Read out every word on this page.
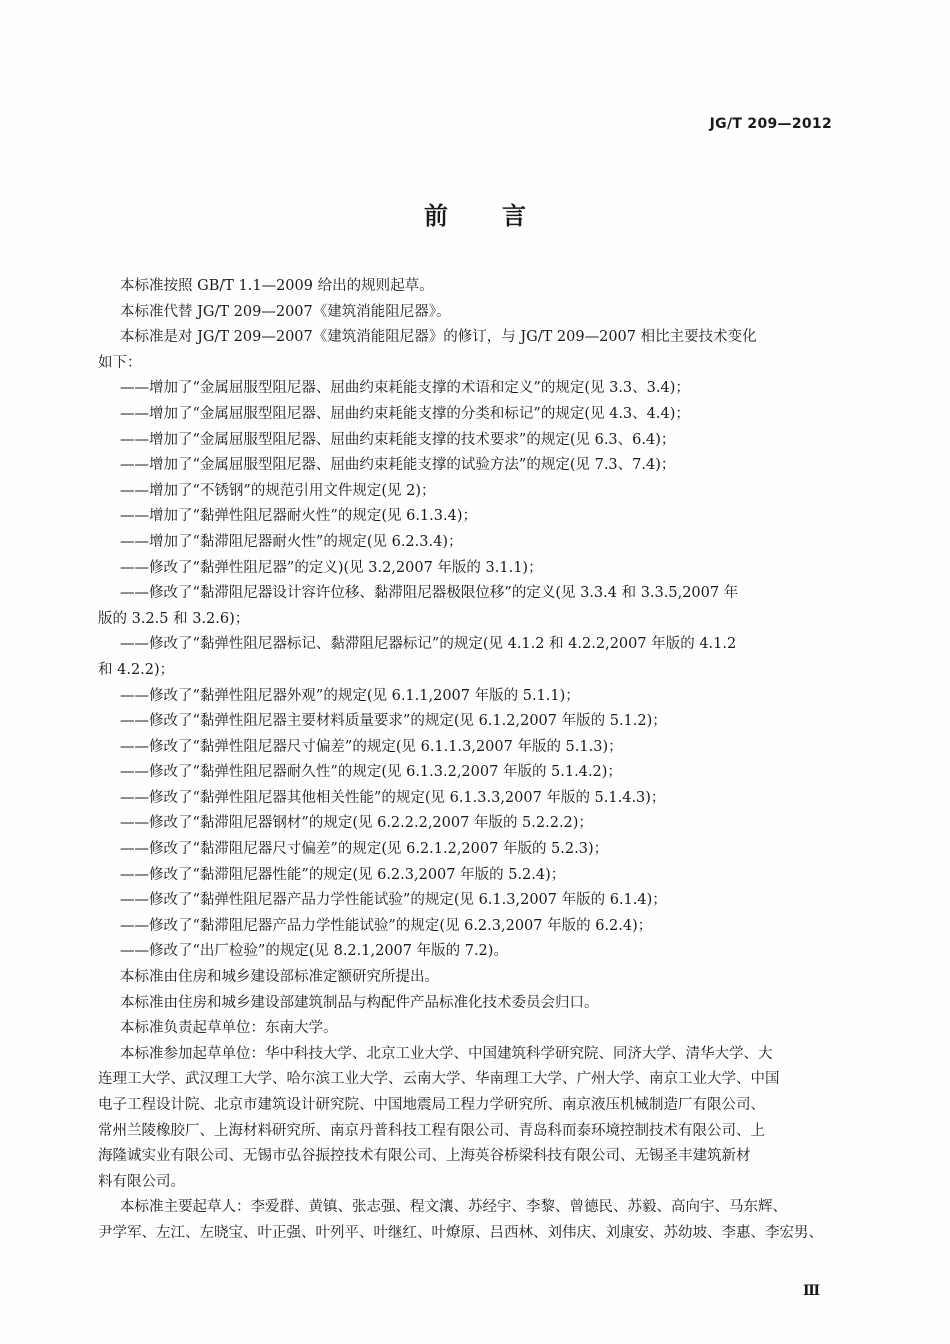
JG/T 209—2012
前言
本标准按照 GB/T 1.1—2009 给出的规则起草。
本标准代替 JG/T 209—2007《建筑消能阻尼器》。
本标准是对 JG/T 209—2007《建筑消能阻尼器》的修订，与 JG/T 209—2007 相比主要技术变化
如下：
——增加了“金属屈服型阻尼器、屈曲约束耗能支撑的术语和定义”的规定(见 3.3、3.4)；
——增加了“金属屈服型阻尼器、屈曲约束耗能支撑的分类和标记”的规定(见 4.3、4.4)；
——增加了“金属屈服型阻尼器、屈曲约束耗能支撑的技术要求”的规定(见 6.3、6.4)；
——增加了“金属屈服型阻尼器、屈曲约束耗能支撑的试验方法”的规定(见 7.3、7.4)；
——增加了“不锈钢”的规范引用文件规定(见 2)；
——增加了“黏弹性阻尼器耐火性”的规定(见 6.1.3.4)；
——增加了“黏滞阻尼器耐火性”的规定(见 6.2.3.4)；
——修改了“黏弹性阻尼器”的定义)(见 3.2,2007 年版的 3.1.1)；
——修改了“黏滞阻尼器设计容许位移、黏滞阻尼器极限位移”的定义(见 3.3.4 和 3.3.5,2007 年
版的 3.2.5 和 3.2.6)；
——修改了“黏弹性阻尼器标记、黏滞阻尼器标记”的规定(见 4.1.2 和 4.2.2,2007 年版的 4.1.2
和 4.2.2)；
——修改了“黏弹性阻尼器外观”的规定(见 6.1.1,2007 年版的 5.1.1)；
——修改了“黏弹性阻尼器主要材料质量要求”的规定(见 6.1.2,2007 年版的 5.1.2)；
——修改了“黏弹性阻尼器尺寸偏差”的规定(见 6.1.1.3,2007 年版的 5.1.3)；
——修改了“黏弹性阻尼器耐久性”的规定(见 6.1.3.2,2007 年版的 5.1.4.2)；
——修改了“黏弹性阻尼器其他相关性能”的规定(见 6.1.3.3,2007 年版的 5.1.4.3)；
——修改了“黏滞阻尼器钢材”的规定(见 6.2.2.2,2007 年版的 5.2.2.2)；
——修改了“黏滞阻尼器尺寸偏差”的规定(见 6.2.1.2,2007 年版的 5.2.3)；
——修改了“黏滞阻尼器性能”的规定(见 6.2.3,2007 年版的 5.2.4)；
——修改了“黏弹性阻尼器产品力学性能试验”的规定(见 6.1.3,2007 年版的 6.1.4)；
——修改了“黏滞阻尼器产品力学性能试验”的规定(见 6.2.3,2007 年版的 6.2.4)；
——修改了“出厂检验”的规定(见 8.2.1,2007 年版的 7.2)。
本标准由住房和城乡建设部标准定额研究所提出。
本标准由住房和城乡建设部建筑制品与构配件产品标准化技术委员会归口。
本标准负责起草单位：东南大学。
本标准参加起草单位：华中科技大学、北京工业大学、中国建筑科学研究院、同济大学、清华大学、大
连理工大学、武汉理工大学、哈尔滨工业大学、云南大学、华南理工大学、广州大学、南京工业大学、中国
电子工程设计院、北京市建筑设计研究院、中国地震局工程力学研究所、南京液压机械制造厂有限公司、
常州兰陵橡胶厂、上海材料研究所、南京丹普科技工程有限公司、青岛科而泰环境控制技术有限公司、上
海隆诚实业有限公司、无锡市弘谷振控技术有限公司、上海英谷桥梁科技有限公司、无锡圣丰建筑新材
料有限公司。
本标准主要起草人：李爱群、黄镇、张志强、程文瀼、苏经宇、李黎、曾德民、苏毅、高向宇、马东辉、
尹学军、左江、左晓宝、叶正强、叶列平、叶继红、叶燎原、吕西林、刘伟庆、刘康安、苏幼坡、李惠、李宏男、
Ⅲ
